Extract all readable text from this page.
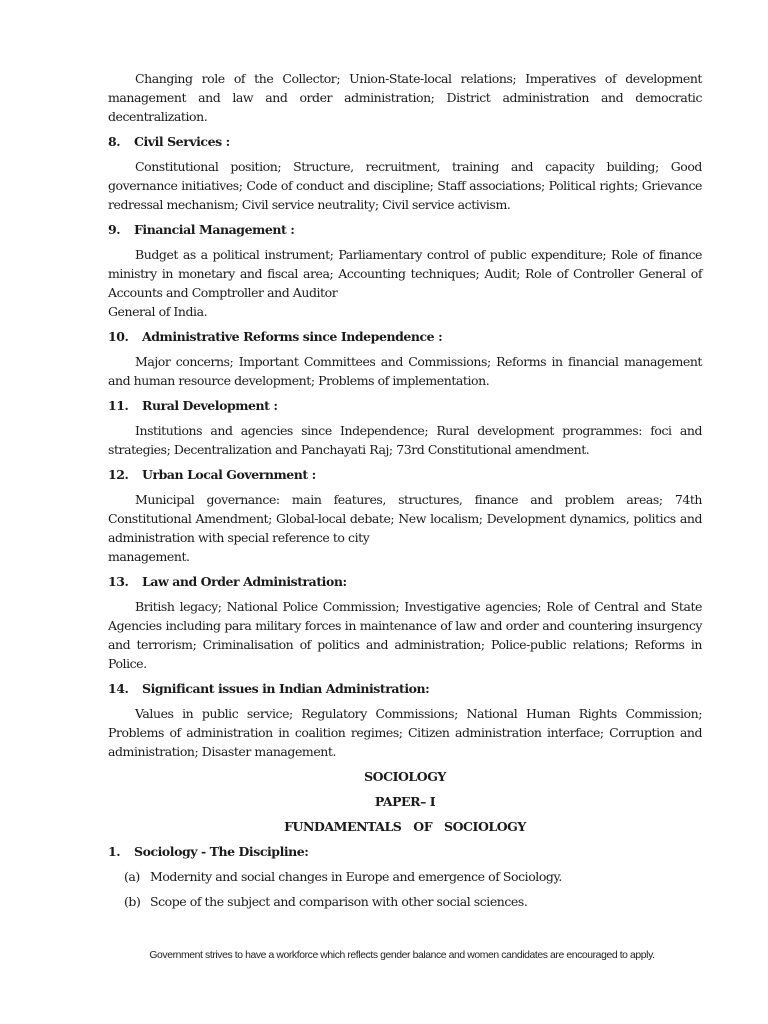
Changing role of the Collector; Union-State-local relations; Imperatives of development management and law and order administration; District administration and democratic decentralization.

8.	Civil Services :

Constitutional position; Structure, recruitment, training and capacity building; Good governance initiatives; Code of conduct and discipline; Staff associations; Political rights; Grievance redressal mechanism; Civil service neutrality; Civil service activism.

9.	Financial Management :

Budget as a political instrument; Parliamentary control of public expenditure; Role of finance ministry in monetary and fiscal area; Accounting techniques; Audit; Role of Controller General of Accounts and Comptroller and Auditor
General of India.

10.	Administrative Reforms since Independence :

Major concerns; Important Committees and Commissions; Reforms in financial management and human resource development; Problems of implementation.

11.	Rural Development :

Institutions and agencies since Independence; Rural development programmes: foci and strategies; Decentralization and Panchayati Raj; 73rd Constitutional amendment.

12.	Urban Local Government :

Municipal governance: main features, structures, finance and problem areas; 74th Constitutional Amendment; Global-local debate; New localism; Development dynamics, politics and administration with special reference to city
management.

13.	Law and Order Administration:

British legacy; National Police Commission; Investigative agencies; Role of Central and State Agencies including para military forces in maintenance of law and order and countering insurgency and terrorism; Criminalisation of politics and administration; Police-public relations; Reforms in Police.

14.	Significant issues in Indian Administration:

Values in public service; Regulatory Commissions; National Human Rights Commission; Problems of administration in coalition regimes; Citizen administration interface; Corruption and administration; Disaster management.

SOCIOLOGY
PAPER– I
FUNDAMENTALS OF SOCIOLOGY
1.	Sociology - The Discipline:
(a) Modernity and social changes in Europe and emergence of Sociology.
(b) Scope of the subject and comparison with other social sciences.
Government strives to have a workforce which reflects gender balance and women candidates are encouraged to apply.
